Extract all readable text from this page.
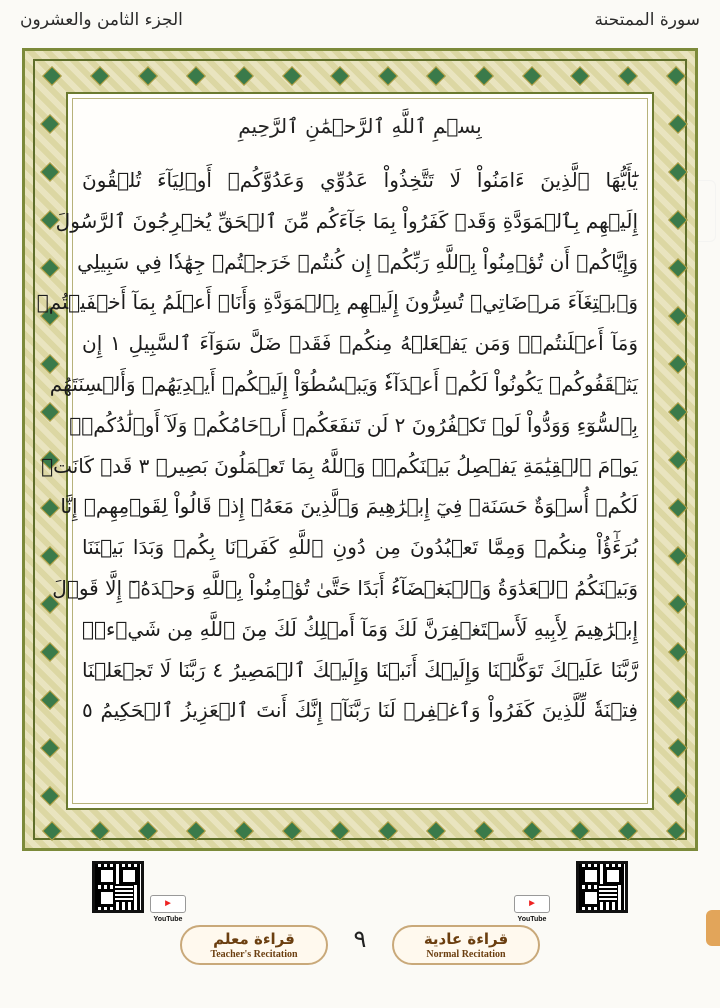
الجزء الثامن والعشرون	سورة الممتحنة
بِسۡمِ ٱللَّهِ ٱلرَّحۡمَٰنِ ٱلرَّحِيمِ
يَٰٓأَيُّهَا ٱلَّذِينَ ءَامَنُواْ لَا تَتَّخِذُواْ عَدُوِّي وَعَدُوَّكُمۡ أَوۡلِيَآءَ تُلۡقُونَ
إِلَيۡهِم بِٱلۡمَوَدَّةِ وَقَدۡ كَفَرُواْ بِمَا جَآءَكُم مِّنَ ٱلۡحَقِّ يُخۡرِجُونَ ٱلرَّسُولَ
وَإِيَّاكُمۡ أَن تُؤۡمِنُواْ بِٱللَّهِ رَبِّكُمۡ إِن كُنتُمۡ خَرَجۡتُمۡ جِهَٰدٗا فِي سَبِيلِي
وَٱبۡتِغَآءَ مَرۡضَاتِيۚ تُسِرُّونَ إِلَيۡهِم بِٱلۡمَوَدَّةِ وَأَنَا۠ أَعۡلَمُ بِمَآ أَخۡفَيۡتُمۡ
وَمَآ أَعۡلَنتُمۡۚ وَمَن يَفۡعَلۡهُ مِنكُمۡ فَقَدۡ ضَلَّ سَوَآءَ ٱلسَّبِيلِ ١ إِن
يَثۡقَفُوكُمۡ يَكُونُواْ لَكُمۡ أَعۡدَآءٗ وَيَبۡسُطُوٓاْ إِلَيۡكُمۡ أَيۡدِيَهُمۡ وَأَلۡسِنَتَهُم
بِٱلسُّوٓءِ وَوَدُّواْ لَوۡ تَكۡفُرُونَ ٢ لَن تَنفَعَكُمۡ أَرۡحَامُكُمۡ وَلَآ أَوۡلَٰدُكُمۡۚ
يَوۡمَ ٱلۡقِيَٰمَةِ يَفۡصِلُ بَيۡنَكُمۡۚ وَٱللَّهُ بِمَا تَعۡمَلُونَ بَصِيرٞ ٣ قَدۡ كَانَتۡ
لَكُمۡ أُسۡوَةٌ حَسَنَةٞ فِيٓ إِبۡرَٰهِيمَ وَٱلَّذِينَ مَعَهُۥٓ إِذۡ قَالُواْ لِقَوۡمِهِمۡ إِنَّا
بُرَءَٰٓؤُاْ مِنكُمۡ وَمِمَّا تَعۡبُدُونَ مِن دُونِ ٱللَّهِ كَفَرۡنَا بِكُمۡ وَبَدَا بَيۡنَنَا
وَبَيۡنَكُمُ ٱلۡعَدَٰوَةُ وَٱلۡبَغۡضَآءُ أَبَدًا حَتَّىٰ تُؤۡمِنُواْ بِٱللَّهِ وَحۡدَهُۥٓ إِلَّا قَوۡلَ
إِبۡرَٰهِيمَ لِأَبِيهِ لَأَسۡتَغۡفِرَنَّ لَكَ وَمَآ أَمۡلِكُ لَكَ مِنَ ٱللَّهِ مِن شَيۡءٖۖ
رَّبَّنَا عَلَيۡكَ تَوَكَّلۡنَا وَإِلَيۡكَ أَنَبۡنَا وَإِلَيۡكَ ٱلۡمَصِيرُ ٤ رَبَّنَا لَا تَجۡعَلۡنَا
فِتۡنَةٗ لِّلَّذِينَ كَفَرُواْ وَٱغۡفِرۡ لَنَا رَبَّنَآۖ إِنَّكَ أَنتَ ٱلۡعَزِيزُ ٱلۡحَكِيمُ ٥
▶ YouTube
▶ YouTube
قراءة معلم
Teacher's Recitation
٩	قراءة عادية
Normal Recitation
